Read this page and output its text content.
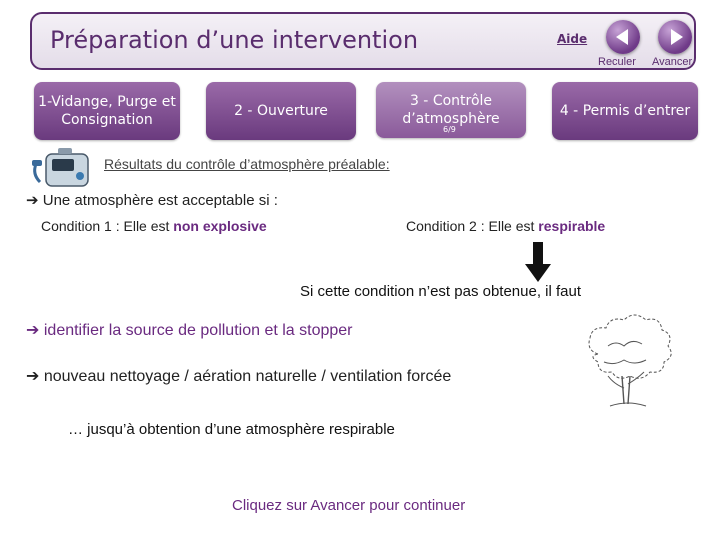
Préparation d’une intervention	Aide
Reculer Avancer
1-Vidange, Purge et Consignation
2 - Ouverture
3 - Contrôle d’atmosphère
6/9
4 - Permis d’entrer
Résultats du contrôle d’atmosphère préalable:
➔ Une atmosphère est acceptable si :
Condition 1 : Elle est non explosive	Condition 2 : Elle est respirable
Si cette condition n’est pas obtenue, il faut
➔ identifier la source de pollution et la stopper
➔ nouveau nettoyage / aération naturelle / ventilation forcée
… jusqu’à obtention d’une atmosphère respirable
Cliquez sur Avancer pour continuer
